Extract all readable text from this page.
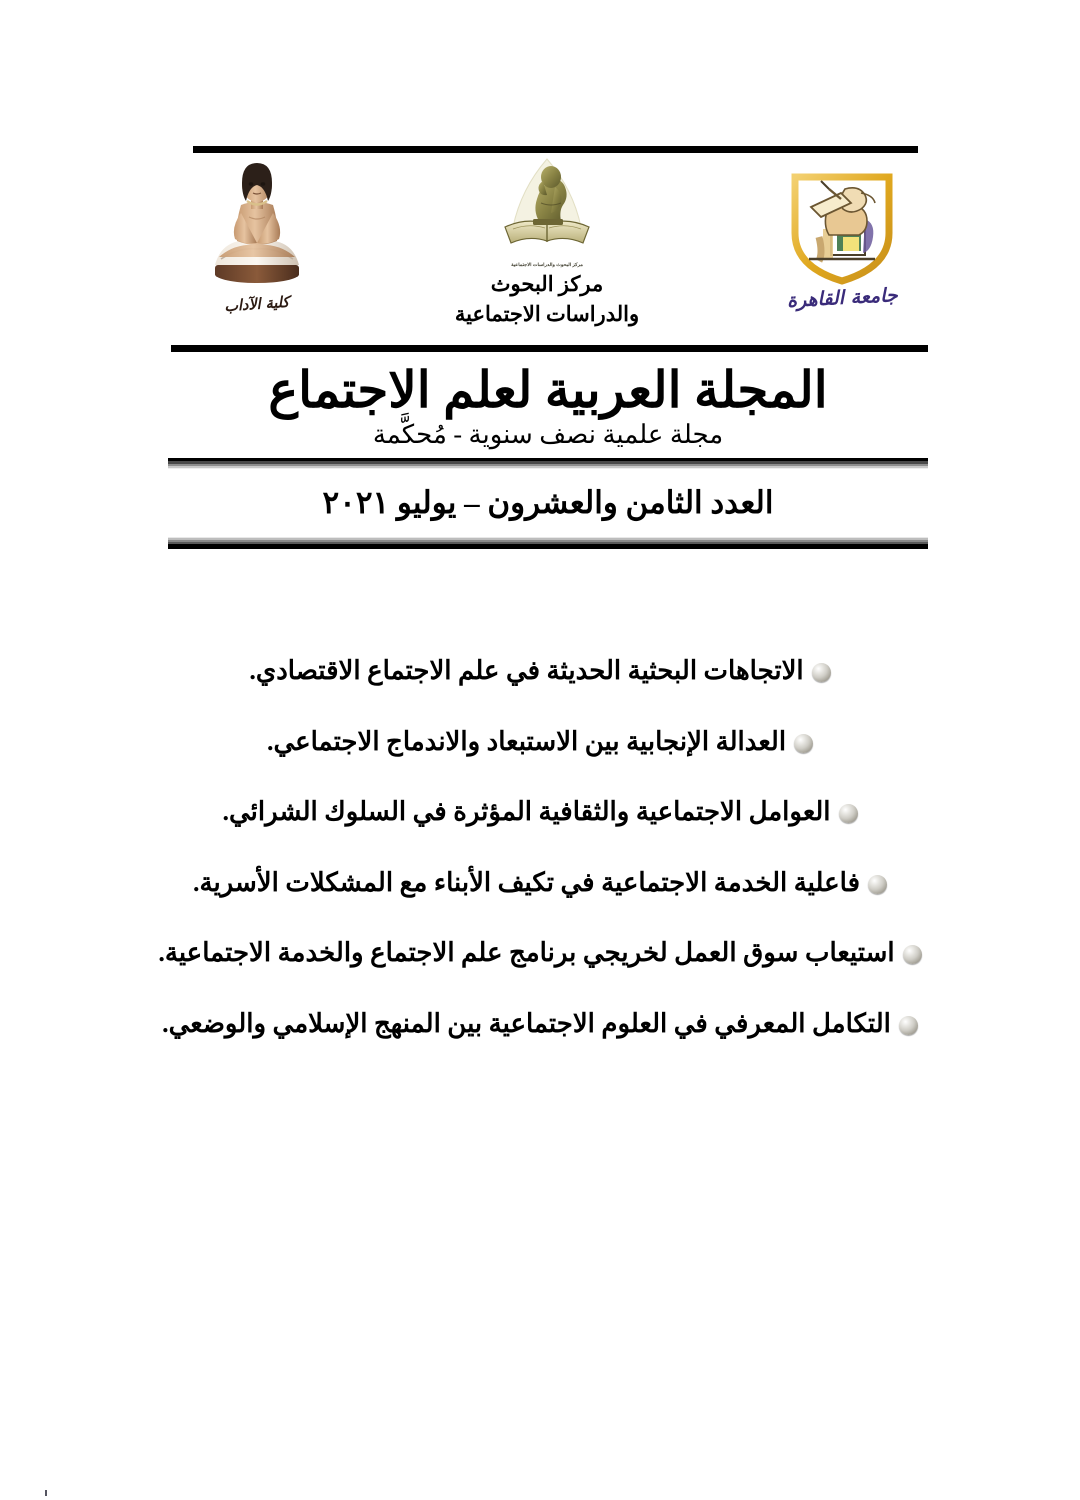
كلية الآداب
مركز البحوث والدراسات الاجتماعية
مركز البحوث
والدراسات الاجتماعية
جامعة القاهرة
المجلة العربية لعلم الاجتماع
مجلة علمية نصف سنوية - مُحكَّمة
العدد الثامن والعشرون – يوليو ٢٠٢١
الاتجاهات البحثية الحديثة في علم الاجتماع الاقتصادي.
العدالة الإنجابية بين الاستبعاد والاندماج الاجتماعي.
العوامل الاجتماعية والثقافية المؤثرة في السلوك الشرائي.
فاعلية الخدمة الاجتماعية في تكيف الأبناء مع المشكلات الأسرية.
استيعاب سوق العمل لخريجي برنامج علم الاجتماع والخدمة الاجتماعية.
التكامل المعرفي في العلوم الاجتماعية بين المنهج الإسلامي والوضعي.
